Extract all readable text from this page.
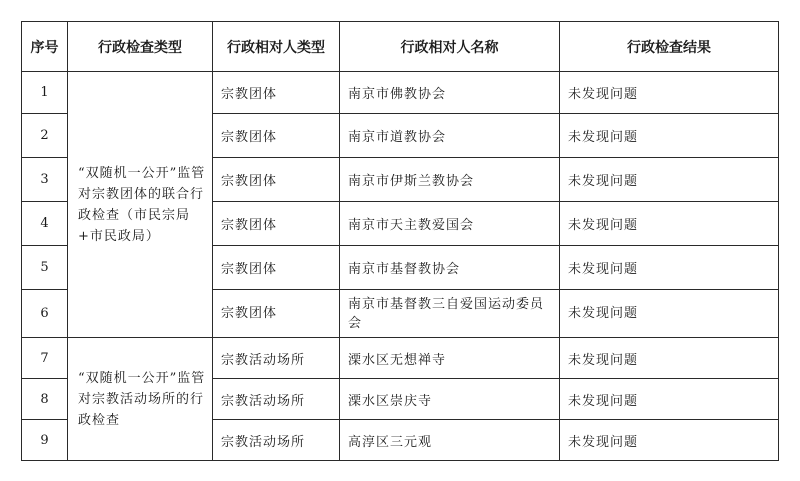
序号	行政检查类型	行政相对人类型	行政相对人名称	行政检查结果
1	“双随机一公开”监管对宗教团体的联合行政检查（市民宗局+市民政局）	宗教团体	南京市佛教协会	未发现问题
2		宗教团体	南京市道教协会	未发现问题
3		宗教团体	南京市伊斯兰教协会	未发现问题
4		宗教团体	南京市天主教爱国会	未发现问题
5		宗教团体	南京市基督教协会	未发现问题
6		宗教团体	南京市基督教三自爱国运动委员会	未发现问题
7	“双随机一公开”监管对宗教活动场所的行政检查	宗教活动场所	溧水区无想禅寺	未发现问题
8		宗教活动场所	溧水区崇庆寺	未发现问题
9		宗教活动场所	高淳区三元观	未发现问题
